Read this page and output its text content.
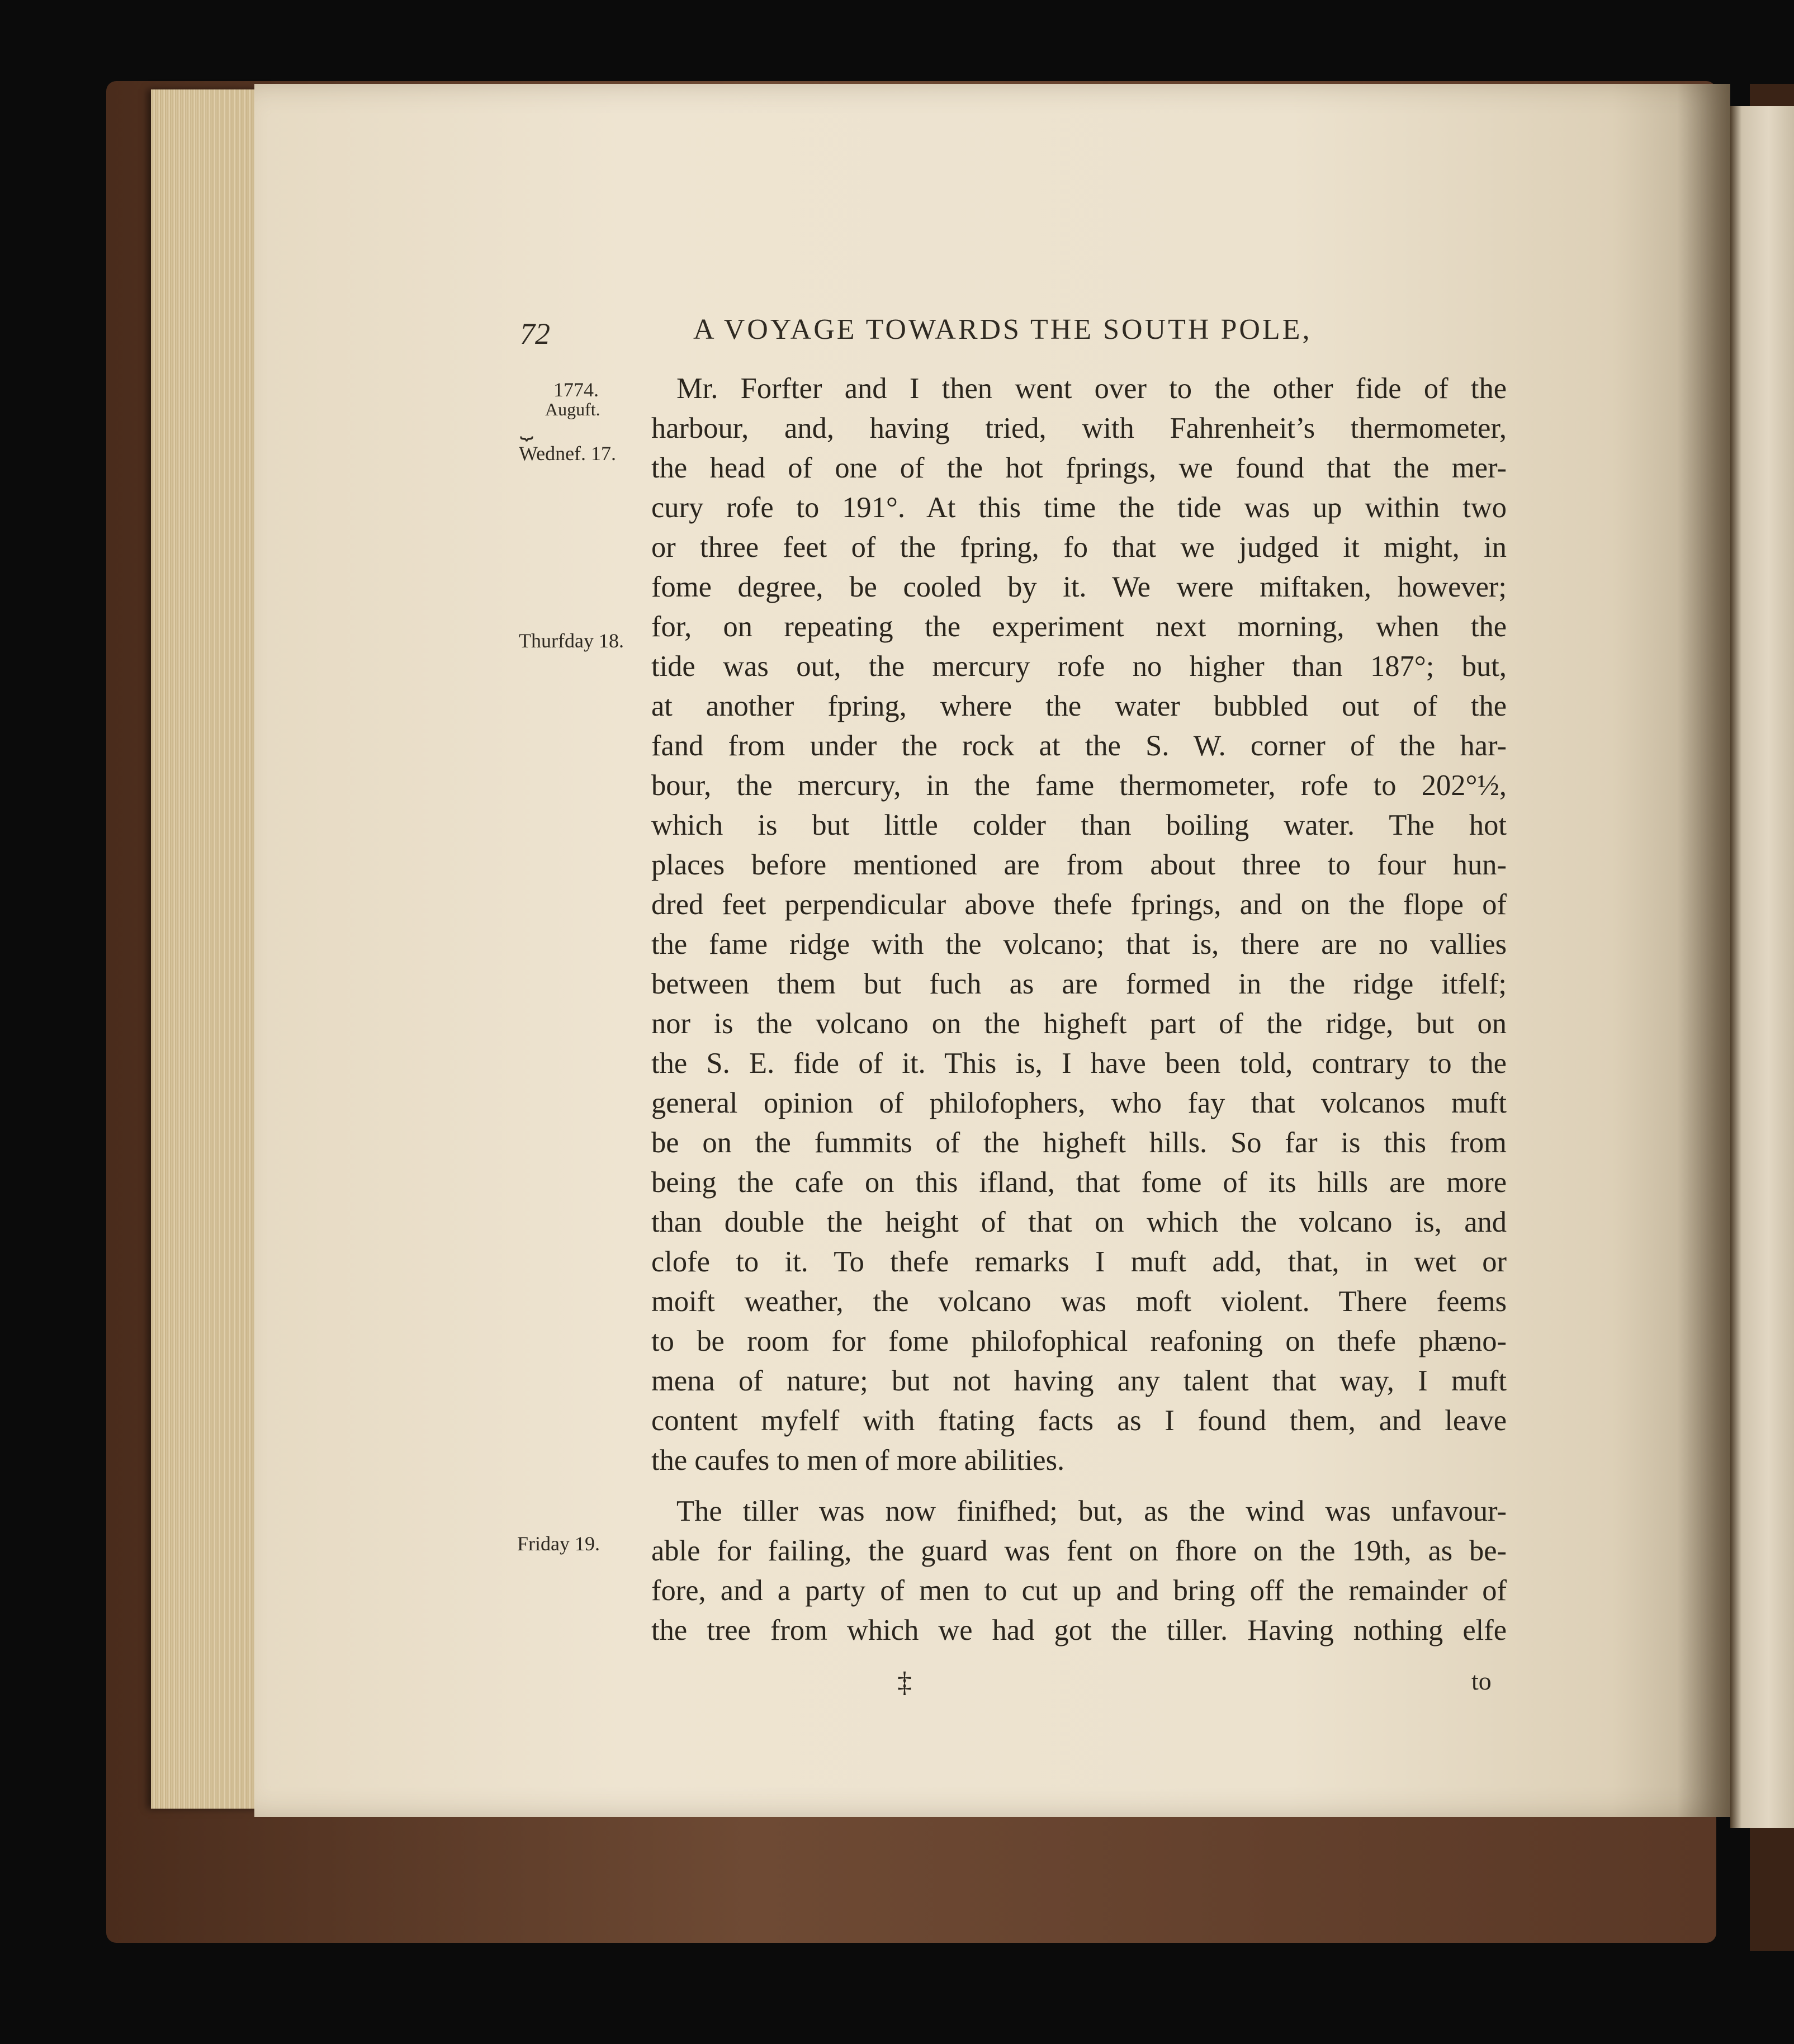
72	A VOYAGE TOWARDS THE SOUTH POLE,
1774.
Auguft.
⏟
Wednef. 17.
Thurfday 18.
Friday 19.

Mr. Forfter and I then went over to the other fide of the
harbour, and, having tried, with Fahrenheit’s thermometer,
the head of one of the hot fprings, we found that the mer-
cury rofe to 191°. At this time the tide was up within two
or three feet of the fpring, fo that we judged it might, in
fome degree, be cooled by it. We were miftaken, however;
for, on repeating the experiment next morning, when the
tide was out, the mercury rofe no higher than 187°; but,
at another fpring, where the water bubbled out of the
fand from under the rock at the S. W. corner of the har-
bour, the mercury, in the fame thermometer, rofe to 202°½,
which is but little colder than boiling water. The hot
places before mentioned are from about three to four hun-
dred feet perpendicular above thefe fprings, and on the flope of
the fame ridge with the volcano; that is, there are no vallies
between them but fuch as are formed in the ridge itfelf;
nor is the volcano on the higheft part of the ridge, but on
the S. E. fide of it. This is, I have been told, contrary to the
general opinion of philofophers, who fay that volcanos muft
be on the fummits of the higheft hills. So far is this from
being the cafe on this ifland, that fome of its hills are more
than double the height of that on which the volcano is, and
clofe to it. To thefe remarks I muft add, that, in wet or
moift weather, the volcano was moft violent. There feems
to be room for fome philofophical reafoning on thefe phæno-
mena of nature; but not having any talent that way, I muft
content myfelf with ftating facts as I found them, and leave
the caufes to men of more abilities.

The tiller was now finifhed; but, as the wind was unfavour-
able for failing, the guard was fent on fhore on the 19th, as be-
fore, and a party of men to cut up and bring off the remainder of
the tree from which we had got the tiller. Having nothing elfe

‡	to
